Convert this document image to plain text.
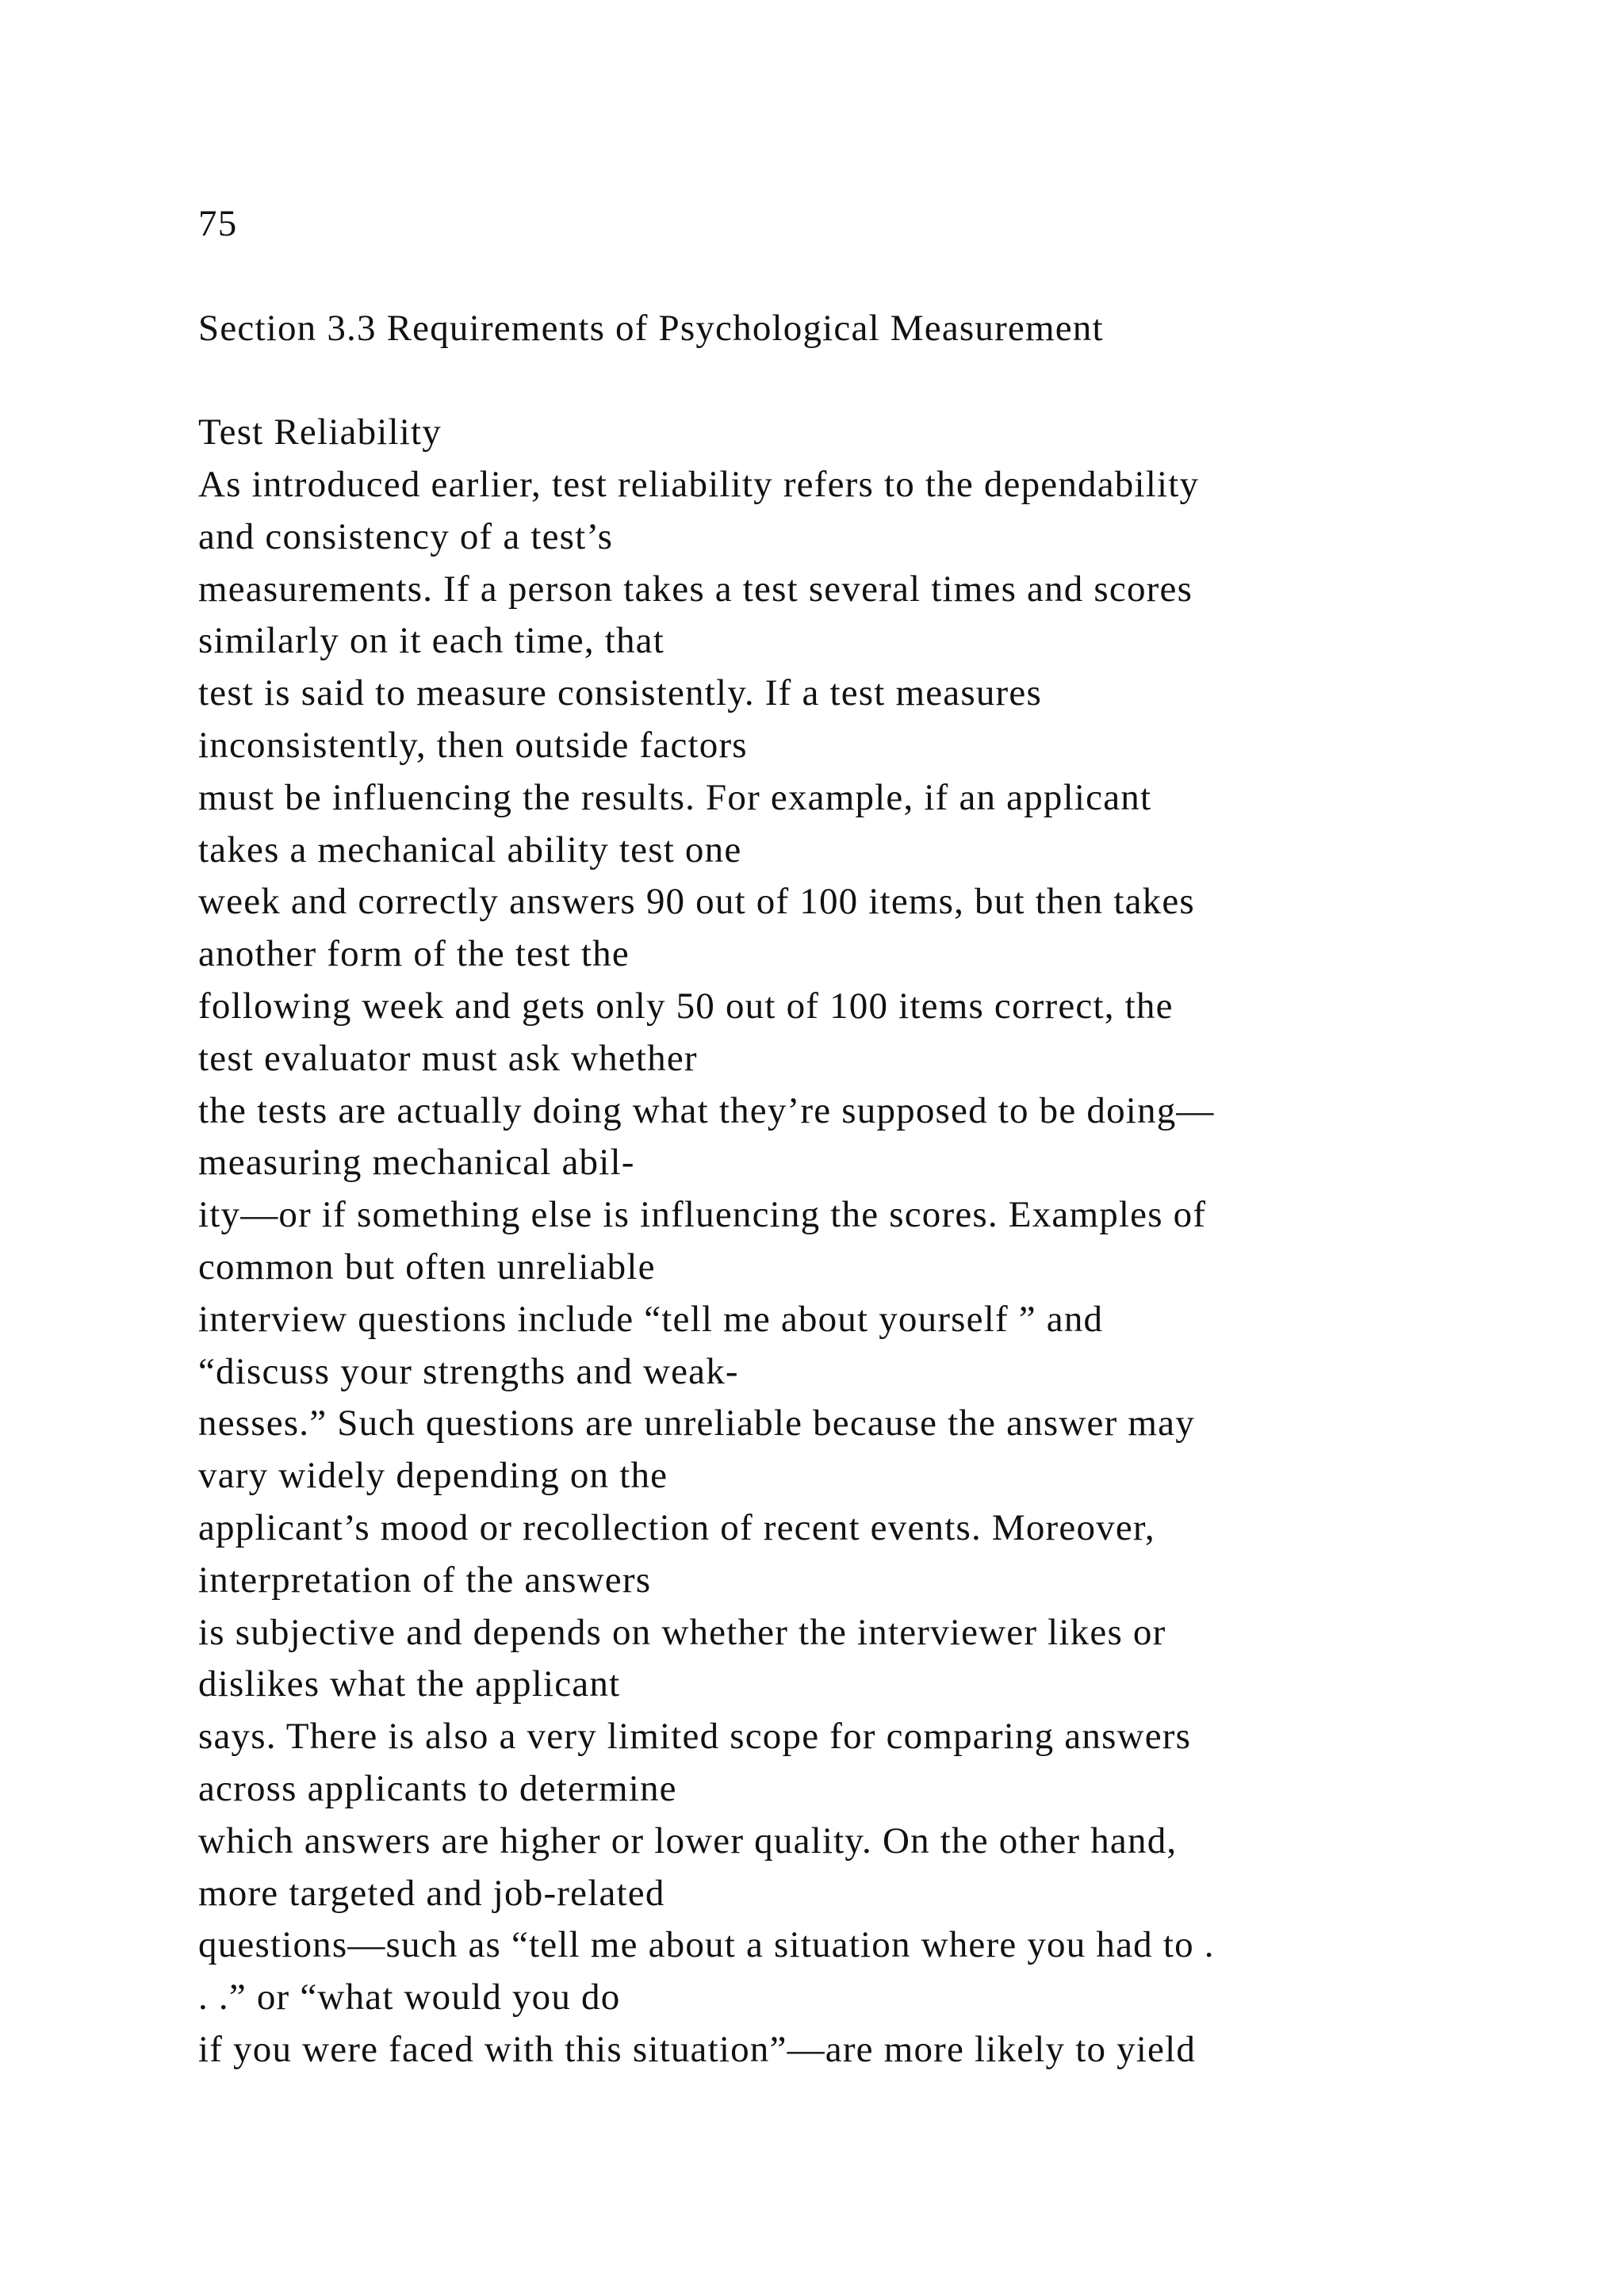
75
Section 3.3 Requirements of Psychological Measurement
Test Reliability
As introduced earlier, test reliability refers to the dependability
and consistency of a test’s
measurements. If a person takes a test several times and scores
similarly on it each time, that
test is said to measure consistently. If a test measures
inconsistently, then outside factors
must be influencing the results. For example, if an applicant
takes a mechanical ability test one
week and correctly answers 90 out of 100 items, but then takes
another form of the test the
following week and gets only 50 out of 100 items correct, the
test evaluator must ask whether
the tests are actually doing what they’re supposed to be doing—
measuring mechanical abil-
ity—or if something else is influencing the scores. Examples of
common but often unreliable
interview questions include “tell me about yourself ” and
“discuss your strengths and weak-
nesses.” Such questions are unreliable because the answer may
vary widely depending on the
applicant’s mood or recollection of recent events. Moreover,
interpretation of the answers
is subjective and depends on whether the interviewer likes or
dislikes what the applicant
says. There is also a very limited scope for comparing answers
across applicants to determine
which answers are higher or lower quality. On the other hand,
more targeted and job-related
questions—such as “tell me about a situation where you had to .
. .” or “what would you do
if you were faced with this situation”—are more likely to yield
